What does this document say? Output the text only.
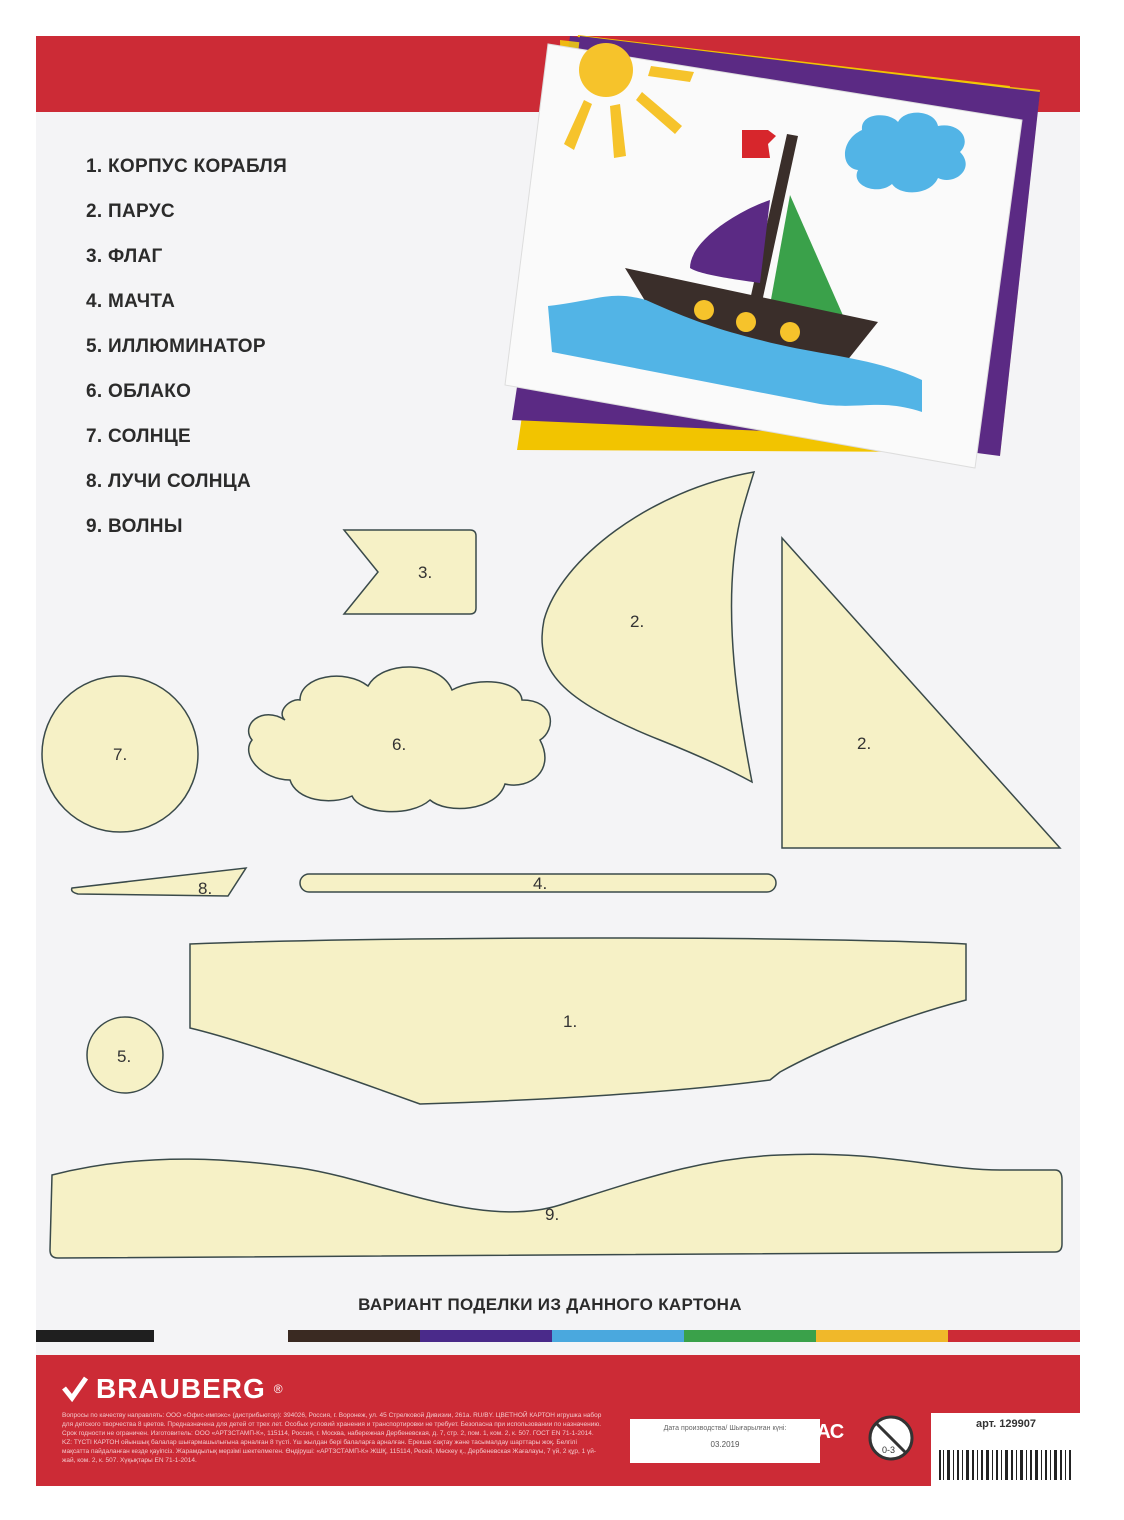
1. КОРПУС КОРАБЛЯ
2. ПАРУС
3. ФЛАГ
4. МАЧТА
5. ИЛЛЮМИНАТОР
6. ОБЛАКО
7. СОЛНЦЕ
8. ЛУЧИ СОЛНЦА
9. ВОЛНЫ
3.
2.
2.
7.
6.
8.	4.
1.
5.
9.
ВАРИАНТ ПОДЕЛКИ ИЗ ДАННОГО КАРТОНА
BRAUBERG ®
Вопросы по качеству направлять: ООО «Офис-импэкс» (дистрибьютор): 394026, Россия, г. Воронеж, ул. 45 Стрелковой Дивизии, 261а. RU/BY. ЦВЕТНОЙ КАРТОН игрушка набор для детского творчества 8 цветов. Предназначена для детей от трех лет. Особых условий хранения и транспортировки не требует. Безопасна при использовании по назначению. Срок годности не ограничен. Изготовитель: ООО «АРТЗСТАМП-К», 115114, Россия, г. Москва, набережная Дербеневская, д. 7, стр. 2, пом. 1, ком. 2, к. 507. ГОСТ EN 71-1-2014. KZ: ТҮСТІ КАРТОН ойыншық балалар шығармашылығына арналған 8 түсті. Үш жылдан бері балаларға арналған. Ерекше сақтау және тасымалдау шарттары жоқ. Белгілі мақсатта пайдаланған кезде қауіпсіз. Жарамдылық мерзімі шектелмеген. Өндіруші: «АРТЗСТАМП-К» ЖШҚ, 115114, Ресей, Мәскеу қ., Дербеневская Жағалауы, 7 үй, 2 құр, 1 үй-жай, ком. 2, к. 507. Хүқықтары EN 71-1-2014.
Дата производства/ Шығарылған күні:
03.2019
EAC
0-3
арт. 129907
